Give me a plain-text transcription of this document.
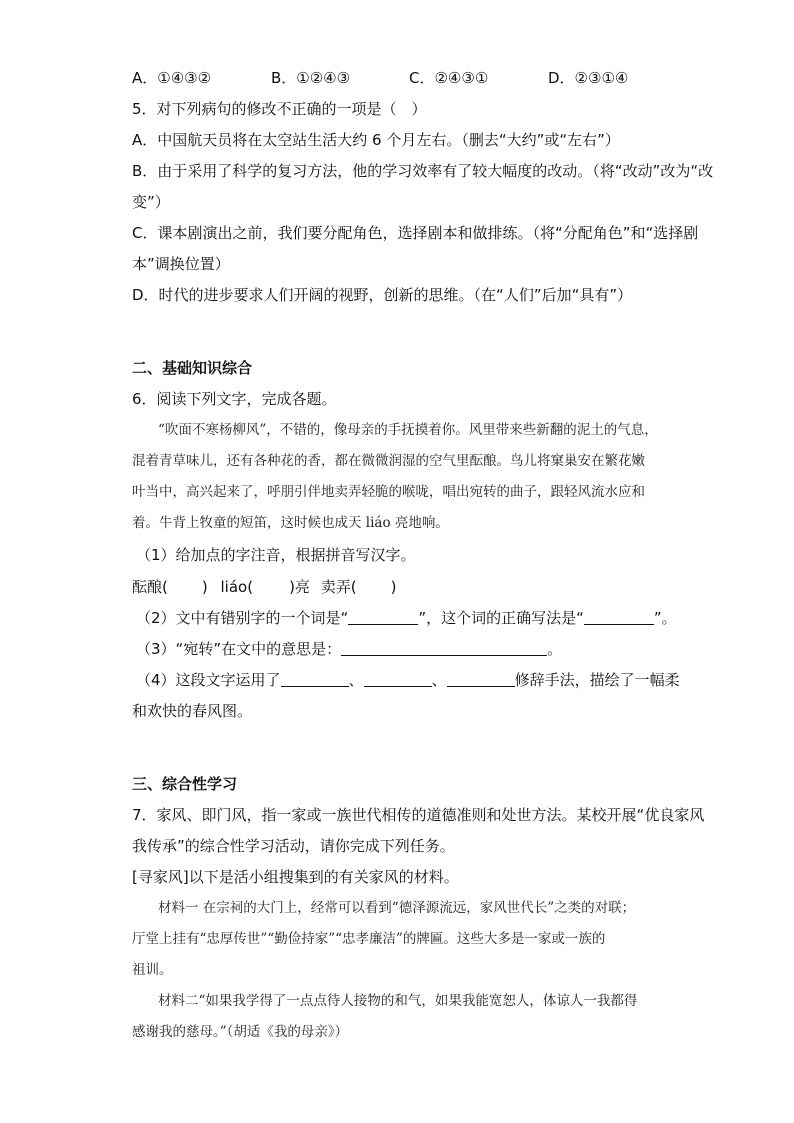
A．①④③②	B．①②④③	C．②④③①	D．②③①④
5．对下列病句的修改不正确的一项是（　）
A．中国航天员将在太空站生活大约 6 个月左右。（删去“大约”或“左右”）
B．由于采用了科学的复习方法，他的学习效率有了较大幅度的改动。（将“改动”改为“改
变”）
C．课本剧演出之前，我们要分配角色，选择剧本和做排练。（将“分配角色”和“选择剧
本”调换位置）
D．时代的进步要求人们开阔的视野，创新的思维。（在“人们”后加“具有”）
二、基础知识综合
6．阅读下列文字，完成各题。
“吹面不寒杨柳风”，不错的，像母亲的手抚摸着你。风里带来些新翻的泥土的气息，
混着青草味儿，还有各种花的香，都在微微润湿的空气里酝酿。鸟儿将窠巢安在繁花嫩
叶当中，高兴起来了，呼朋引伴地卖弄轻脆的喉咙，唱出宛转的曲子，跟轻风流水应和
着。牛背上牧童的短笛，这时候也成天 liáo 亮地响。
（1）给加点的字注音，根据拼音写汉字。
酝酿( ) liáo( )亮 卖弄( )
（2）文中有错别字的一个词是“	”，这个词的正确写法是“	”。
（3）“宛转”在文中的意思是：	。
（4）这段文字运用了	、	、	修辞手法，描绘了一幅柔
和欢快的春风图。
三、综合性学习
7．家风、即门风，指一家或一族世代相传的道德准则和处世方法。某校开展“优良家风
我传承”的综合性学习活动，请你完成下列任务。
[寻家风]以下是活小组搜集到的有关家风的材料。
材料一 在宗祠的大门上，经常可以看到“德泽源流远，家风世代长”之类的对联；
厅堂上挂有“忠厚传世”“勤俭持家”“忠孝廉洁”的牌匾。这些大多是一家或一族的
祖训。
材料二“如果我学得了一点点待人接物的和气，如果我能宽恕人，体谅人一我都得
感谢我的慈母。”（胡适《我的母亲》）
